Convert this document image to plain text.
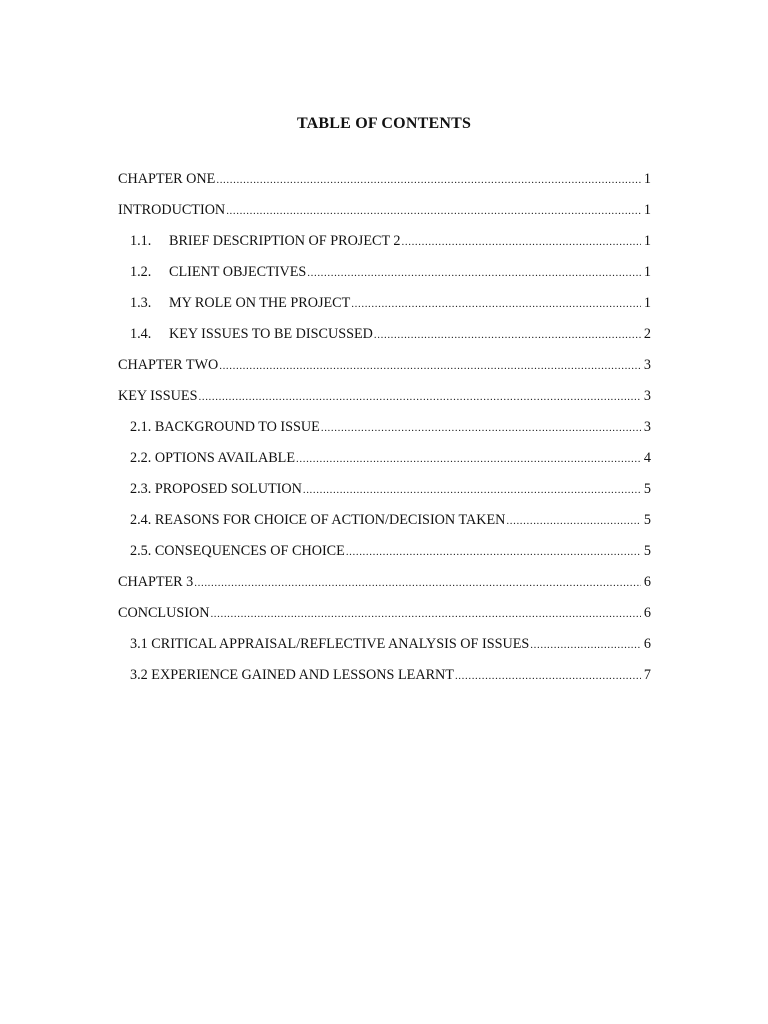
TABLE OF CONTENTS
CHAPTER ONE .....	1
INTRODUCTION .....	1
1.1.	BRIEF DESCRIPTION OF PROJECT 2 .....	1
1.2.	CLIENT OBJECTIVES .....	1
1.3.	MY ROLE ON THE PROJECT .....	1
1.4.	KEY ISSUES TO BE DISCUSSED .....	2
CHAPTER TWO .....	3
KEY ISSUES .....	3
2.1. BACKGROUND TO ISSUE .....	3
2.2. OPTIONS AVAILABLE .....	4
2.3. PROPOSED SOLUTION .....	5
2.4. REASONS FOR CHOICE OF ACTION/DECISION TAKEN .....	5
2.5. CONSEQUENCES OF CHOICE .....	5
CHAPTER 3 .....	6
CONCLUSION .....	6
3.1 CRITICAL APPRAISAL/REFLECTIVE ANALYSIS OF ISSUES .....	6
3.2 EXPERIENCE GAINED AND LESSONS LEARNT .....	7
